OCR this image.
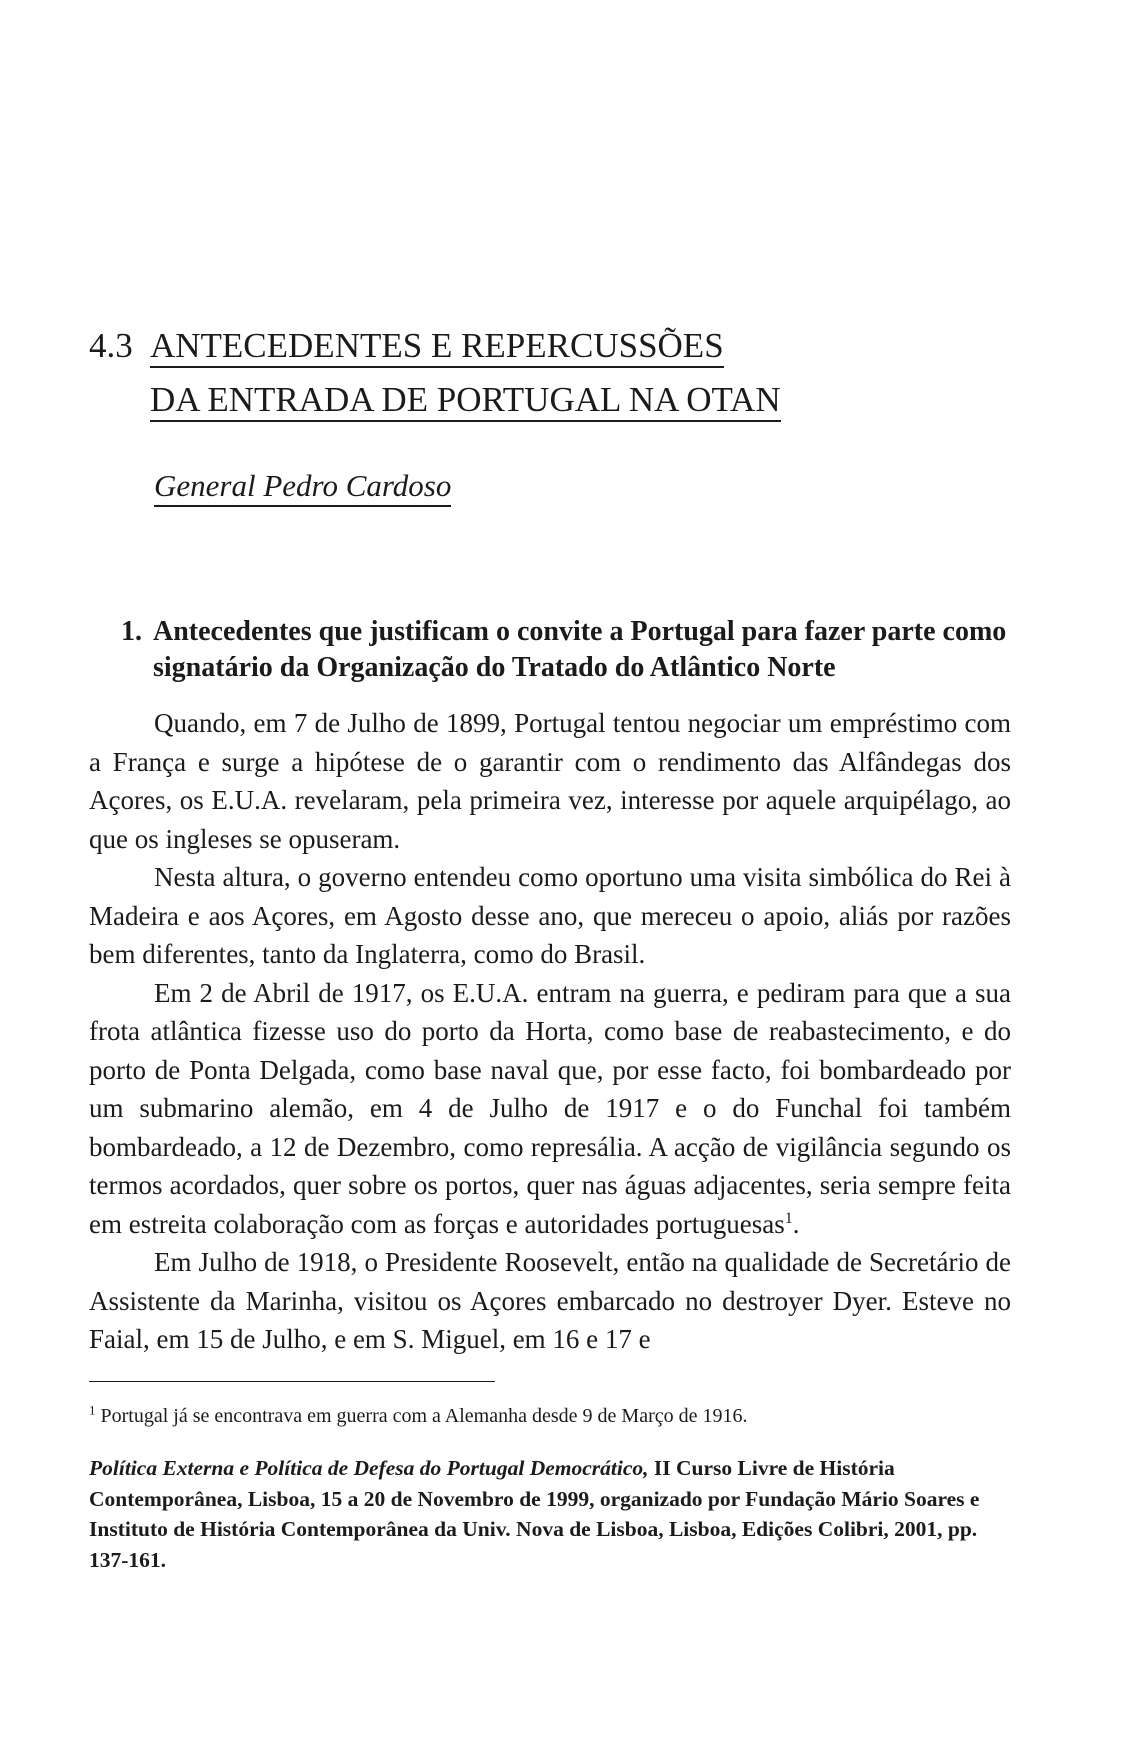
4.3 ANTECEDENTES E REPERCUSSÕES
DA ENTRADA DE PORTUGAL NA OTAN
General Pedro Cardoso
1. Antecedentes que justificam o convite a Portugal para fazer parte como signatário da Organização do Tratado do Atlântico Norte

Quando, em 7 de Julho de 1899, Portugal tentou negociar um empréstimo com a França e surge a hipótese de o garantir com o rendimento das Alfândegas dos Açores, os E.U.A. revelaram, pela primeira vez, interesse por aquele arquipélago, ao que os ingleses se opuseram.

Nesta altura, o governo entendeu como oportuno uma visita simbólica do Rei à Madeira e aos Açores, em Agosto desse ano, que mereceu o apoio, aliás por razões bem diferentes, tanto da Inglaterra, como do Brasil.

Em 2 de Abril de 1917, os E.U.A. entram na guerra, e pediram para que a sua frota atlântica fizesse uso do porto da Horta, como base de reabastecimento, e do porto de Ponta Delgada, como base naval que, por esse facto, foi bombardeado por um submarino alemão, em 4 de Julho de 1917 e o do Funchal foi também bombardeado, a 12 de Dezembro, como represália. A acção de vigilância segundo os termos acordados, quer sobre os portos, quer nas águas adjacentes, seria sempre feita em estreita colaboração com as forças e autoridades portuguesas$^1$.

Em Julho de 1918, o Presidente Roosevelt, então na qualidade de Secretário de Assistente da Marinha, visitou os Açores embarcado no destroyer Dyer. Esteve no Faial, em 15 de Julho, e em S. Miguel, em 16 e 17 e

$^1$ Portugal já se encontrava em guerra com a Alemanha desde 9 de Março de 1916.
Política Externa e Política de Defesa do Portugal Democrático, II Curso Livre de História Contemporânea, Lisboa, 15 a 20 de Novembro de 1999, organizado por Fundação Mário Soares e Instituto de História Contemporânea da Univ. Nova de Lisboa, Lisboa, Edições Colibri, 2001, pp. 137-161.
